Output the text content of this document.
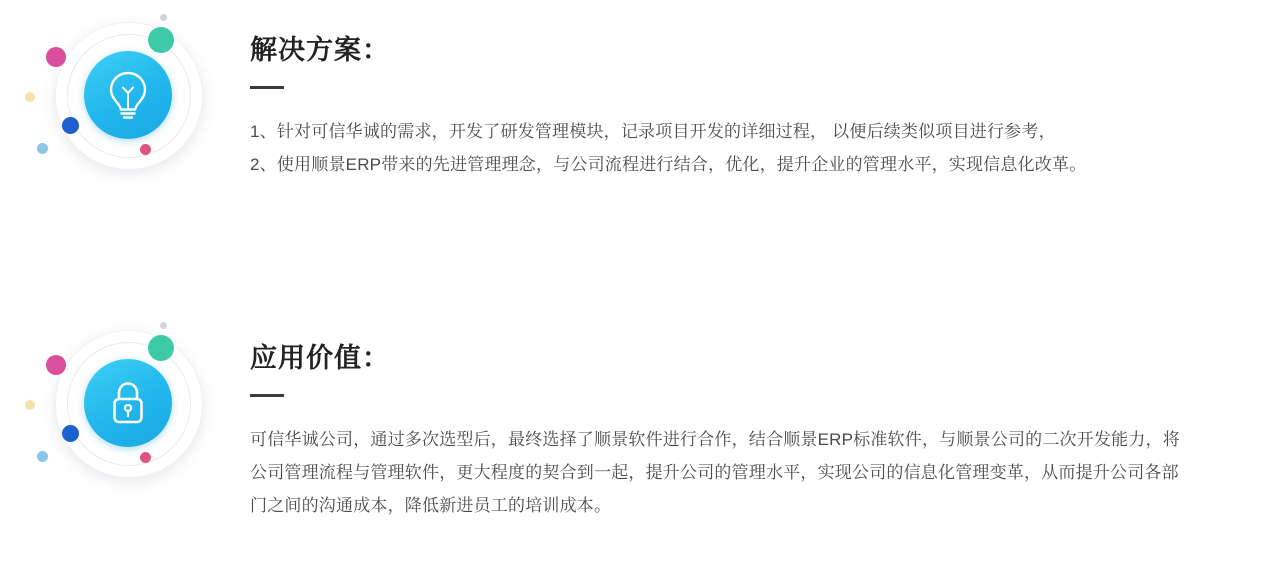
解决方案：

1、针对可信华诚的需求，开发了研发管理模块，记录项目开发的详细过程， 以便后续类似项目进行参考，

2、使用顺景ERP带来的先进管理理念，与公司流程进行结合，优化，提升企业的管理水平，实现信息化改革。

应用价值：

可信华诚公司，通过多次选型后，最终选择了顺景软件进行合作，结合顺景ERP标准软件，与顺景公司的二次开发能力，将公司管理流程与管理软件，更大程度的契合到一起，提升公司的管理水平，实现公司的信息化管理变革，从而提升公司各部门之间的沟通成本，降低新进员工的培训成本。
